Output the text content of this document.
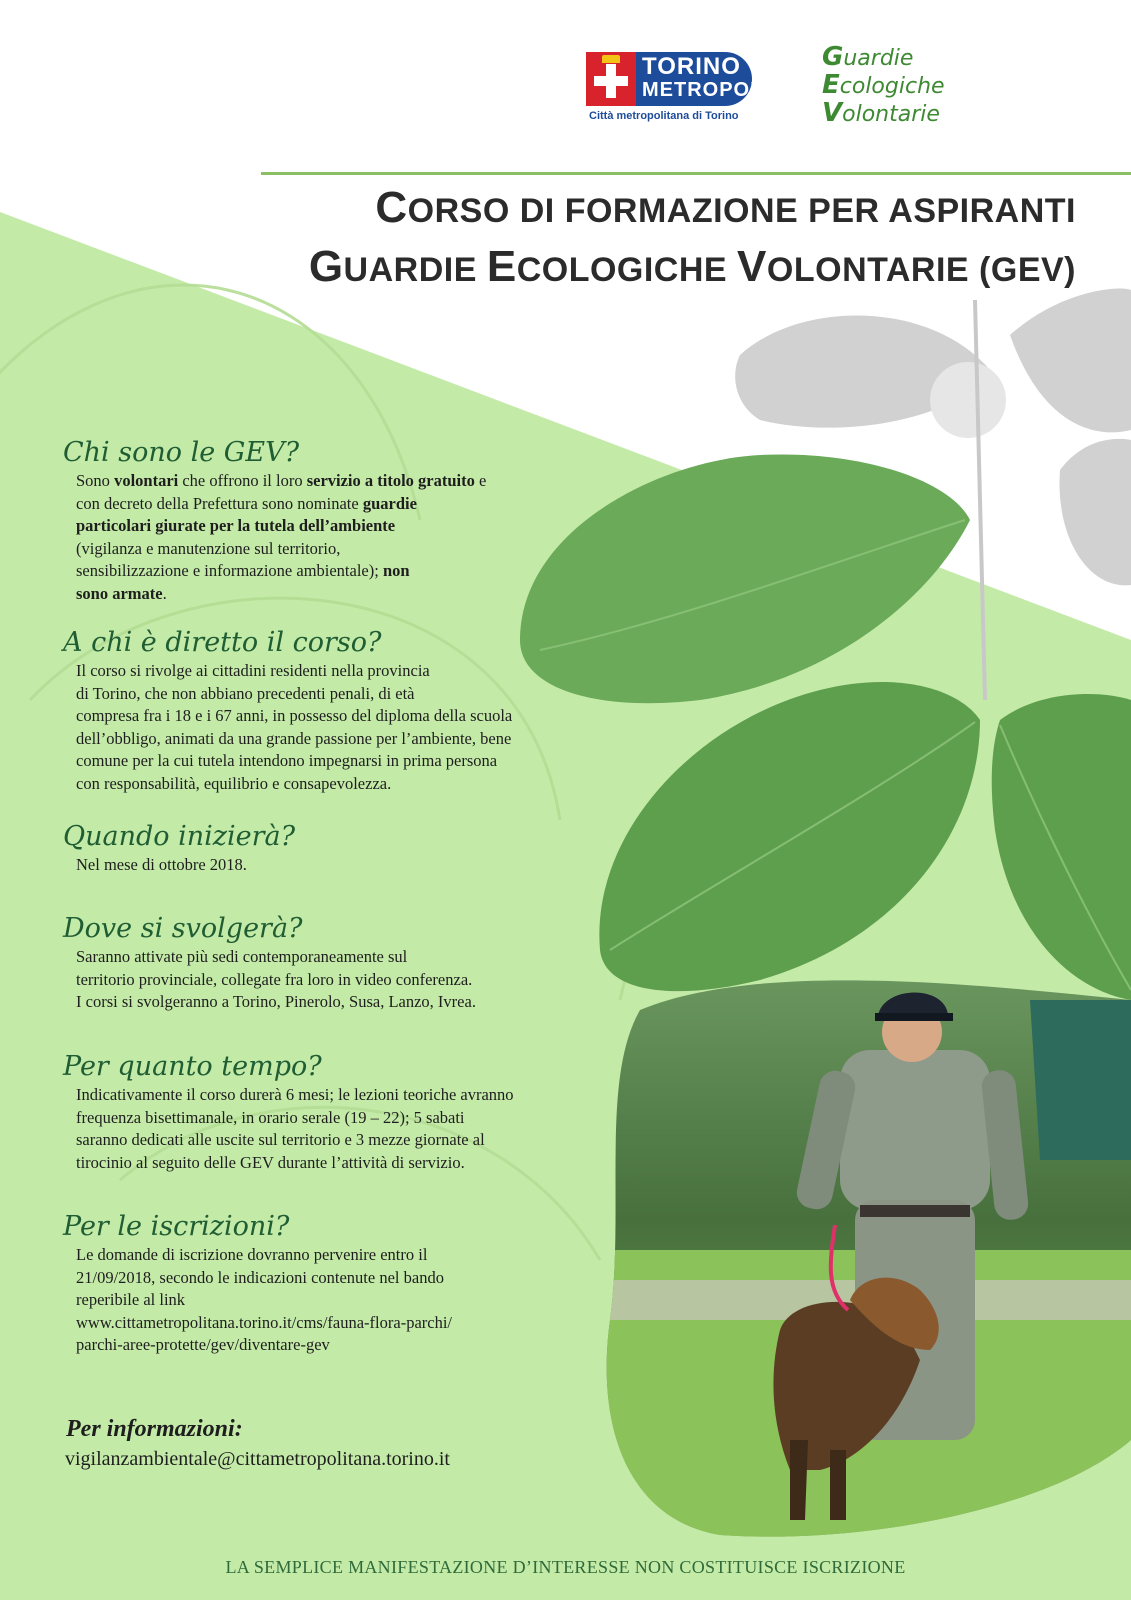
TORINO
METROPOLI
Città metropolitana di Torino
Guardie
Ecologiche
Volontarie
CORSO DI FORMAZIONE PER ASPIRANTI
GUARDIE ECOLOGICHE VOLONTARIE (GEV)
Chi sono le GEV?

Sono volontari che offrono il loro servizio a titolo gratuito e
con decreto della Prefettura sono nominate guardie
particolari giurate per la tutela dell’ambiente
(vigilanza e manutenzione sul territorio,
sensibilizzazione e informazione ambientale); non
sono armate.

A chi è diretto il corso?

Il corso si rivolge ai cittadini residenti nella provincia
di Torino, che non abbiano precedenti penali, di età
compresa fra i 18 e i 67 anni, in possesso del diploma della scuola
dell’obbligo, animati da una grande passione per l’ambiente, bene
comune per la cui tutela intendono impegnarsi in prima persona
con responsabilità, equilibrio e consapevolezza.

Quando inizierà?

Nel mese di ottobre 2018.

Dove si svolgerà?

Saranno attivate più sedi contemporaneamente sul
territorio provinciale, collegate fra loro in video conferenza.
I corsi si svolgeranno a Torino, Pinerolo, Susa, Lanzo, Ivrea.

Per quanto tempo?

Indicativamente il corso durerà 6 mesi; le lezioni teoriche avranno
frequenza bisettimanale, in orario serale (19 – 22); 5 sabati
saranno dedicati alle uscite sul territorio e 3 mezze giornate al
tirocinio al seguito delle GEV durante l’attività di servizio.

Per le iscrizioni?

Le domande di iscrizione dovranno pervenire entro il
21/09/2018, secondo le indicazioni contenute nel bando
reperibile al link
www.cittametropolitana.torino.it/cms/fauna-flora-parchi/
parchi-aree-protette/gev/diventare-gev

Per informazioni:
vigilanzambientale@cittametropolitana.torino.it
LA SEMPLICE MANIFESTAZIONE D’INTERESSE NON COSTITUISCE ISCRIZIONE
